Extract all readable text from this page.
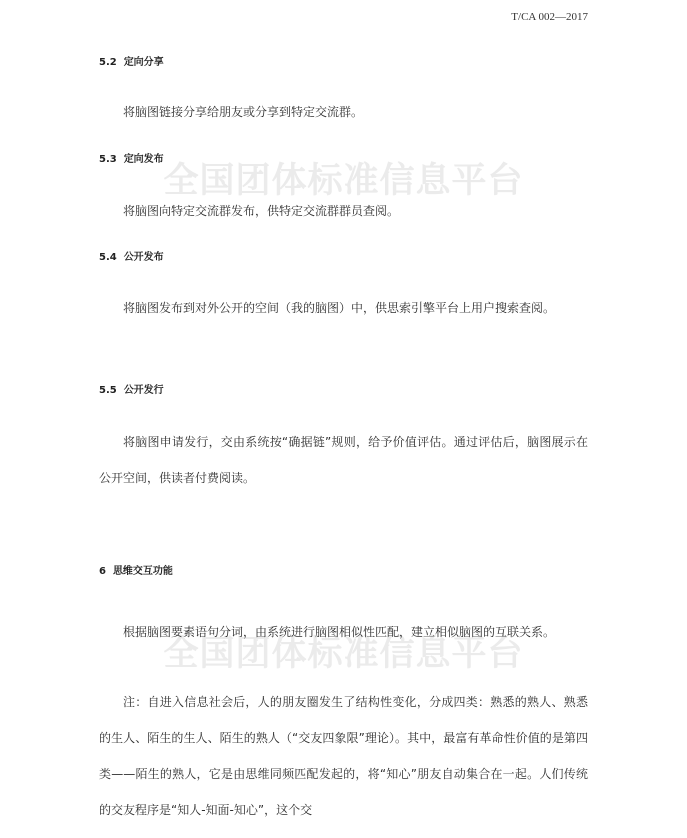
T/CA 002—2017
全国团体标准信息平台
全国团体标准信息平台
5.2 定向分享

将脑图链接分享给朋友或分享到特定交流群。

5.3 定向发布

将脑图向特定交流群发布，供特定交流群群员查阅。

5.4 公开发布

将脑图发布到对外公开的空间（我的脑图）中，供思索引擎平台上用户搜索查阅。

5.5 公开发行

将脑图申请发行，交由系统按“确据链”规则，给予价值评估。通过评估后，脑图展示在公开空间，供读者付费阅读。

6 思维交互功能

根据脑图要素语句分词，由系统进行脑图相似性匹配，建立相似脑图的互联关系。

注：自进入信息社会后，人的朋友圈发生了结构性变化，分成四类：熟悉的熟人、熟悉的生人、陌生的生人、陌生的熟人（“交友四象限”理论）。其中，最富有革命性价值的是第四类——陌生的熟人，它是由思维同频匹配发起的，将“知心”朋友自动集合在一起。人们传统的交友程序是“知人-知面-知心”，这个交
